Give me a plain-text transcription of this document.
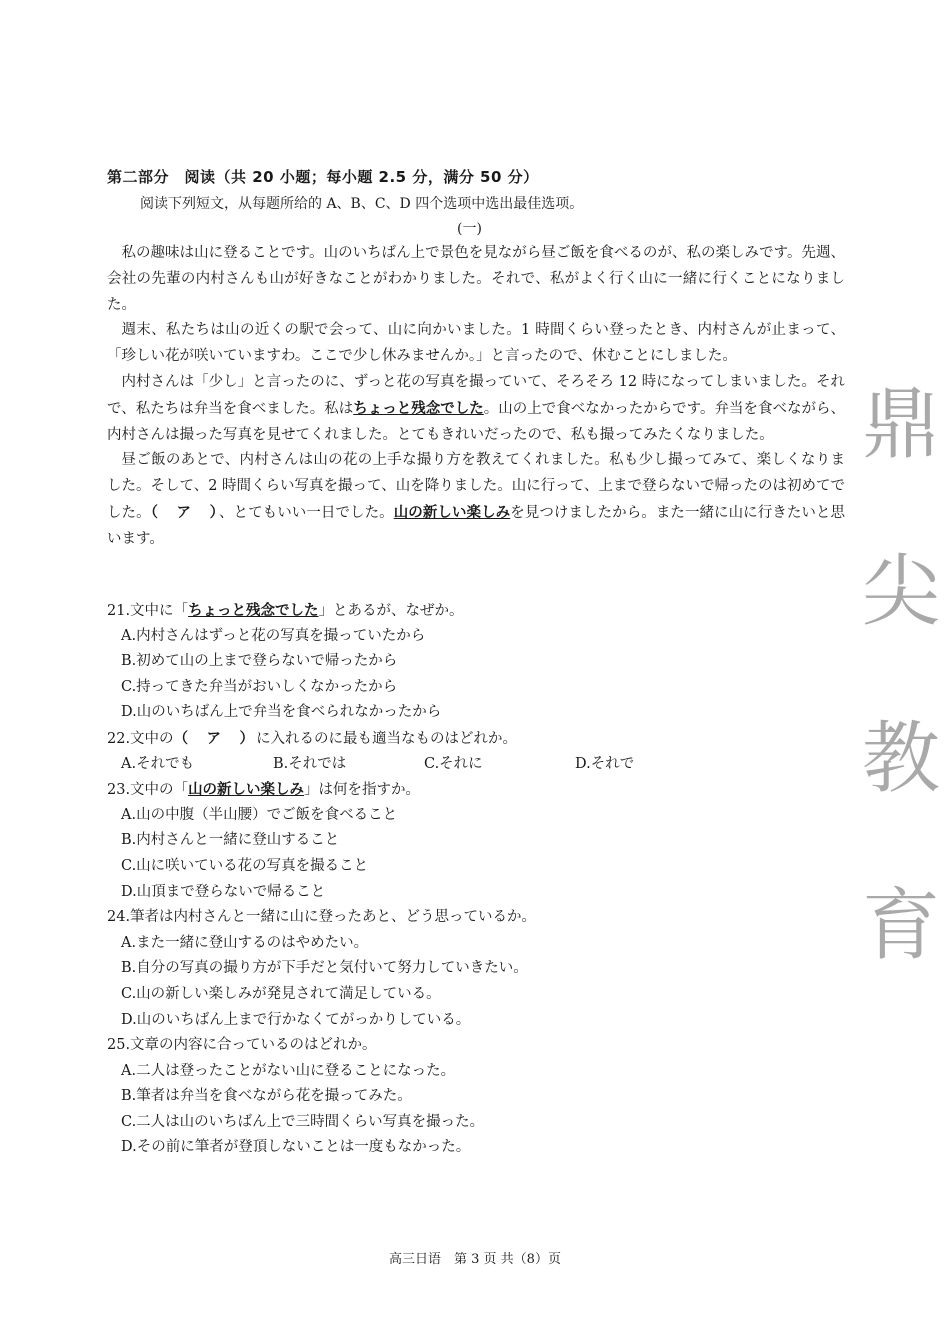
第二部分　阅读（共 20 小题；每小题 2.5 分，满分 50 分）
阅读下列短文，从每题所给的 A、B、C、D 四个选项中选出最佳选项。
(一)

私の趣味は山に登ることです。山のいちばん上で景色を見ながら昼ご飯を食べるのが、私の楽しみです。先週、会社の先輩の内村さんも山が好きなことがわかりました。それで、私がよく行く山に一緒に行くことになりました。

週末、私たちは山の近くの駅で会って、山に向かいました。1 時間くらい登ったとき、内村さんが止まって、「珍しい花が咲いていますわ。ここで少し休みませんか。」と言ったので、休むことにしました。

内村さんは「少し」と言ったのに、ずっと花の写真を撮っていて、そろそろ 12 時になってしまいました。それで、私たちは弁当を食べました。私はちょっと残念でした。山の上で食べなかったからです。弁当を食べながら、内村さんは撮った写真を見せてくれました。とてもきれいだったので、私も撮ってみたくなりました。

昼ご飯のあとで、内村さんは山の花の上手な撮り方を教えてくれました。私も少し撮ってみて、楽しくなりました。そして、2 時間くらい写真を撮って、山を降りました。山に行って、上まで登らないで帰ったのは初めてでした。（　ア　）、とてもいい一日でした。山の新しい楽しみを見つけましたから。また一緒に山に行きたいと思います。

21.文中に「ちょっと残念でした」とあるが、なぜか。
A.内村さんはずっと花の写真を撮っていたから
B.初めて山の上まで登らないで帰ったから
C.持ってきた弁当がおいしくなかったから
D.山のいちばん上で弁当を食べられなかったから
22.文中の（　ア　）に入れるのに最も適当なものはどれか。
A.それでも	B.それでは	C.それに	D.それで
23.文中の「山の新しい楽しみ」は何を指すか。
A.山の中腹（半山腰）でご飯を食べること
B.内村さんと一緒に登山すること
C.山に咲いている花の写真を撮ること
D.山頂まで登らないで帰ること
24.筆者は内村さんと一緒に山に登ったあと、どう思っているか。
A.また一緒に登山するのはやめたい。
B.自分の写真の撮り方が下手だと気付いて努力していきたい。
C.山の新しい楽しみが発見されて満足している。
D.山のいちばん上まで行かなくてがっかりしている。
25.文章の内容に合っているのはどれか。
A.二人は登ったことがない山に登ることになった。
B.筆者は弁当を食べながら花を撮ってみた。
C.二人は山のいちばん上で三時間くらい写真を撮った。
D.その前に筆者が登頂しないことは一度もなかった。
鼎
尖
教
育
高三日语　第 3 页 共（8）页
